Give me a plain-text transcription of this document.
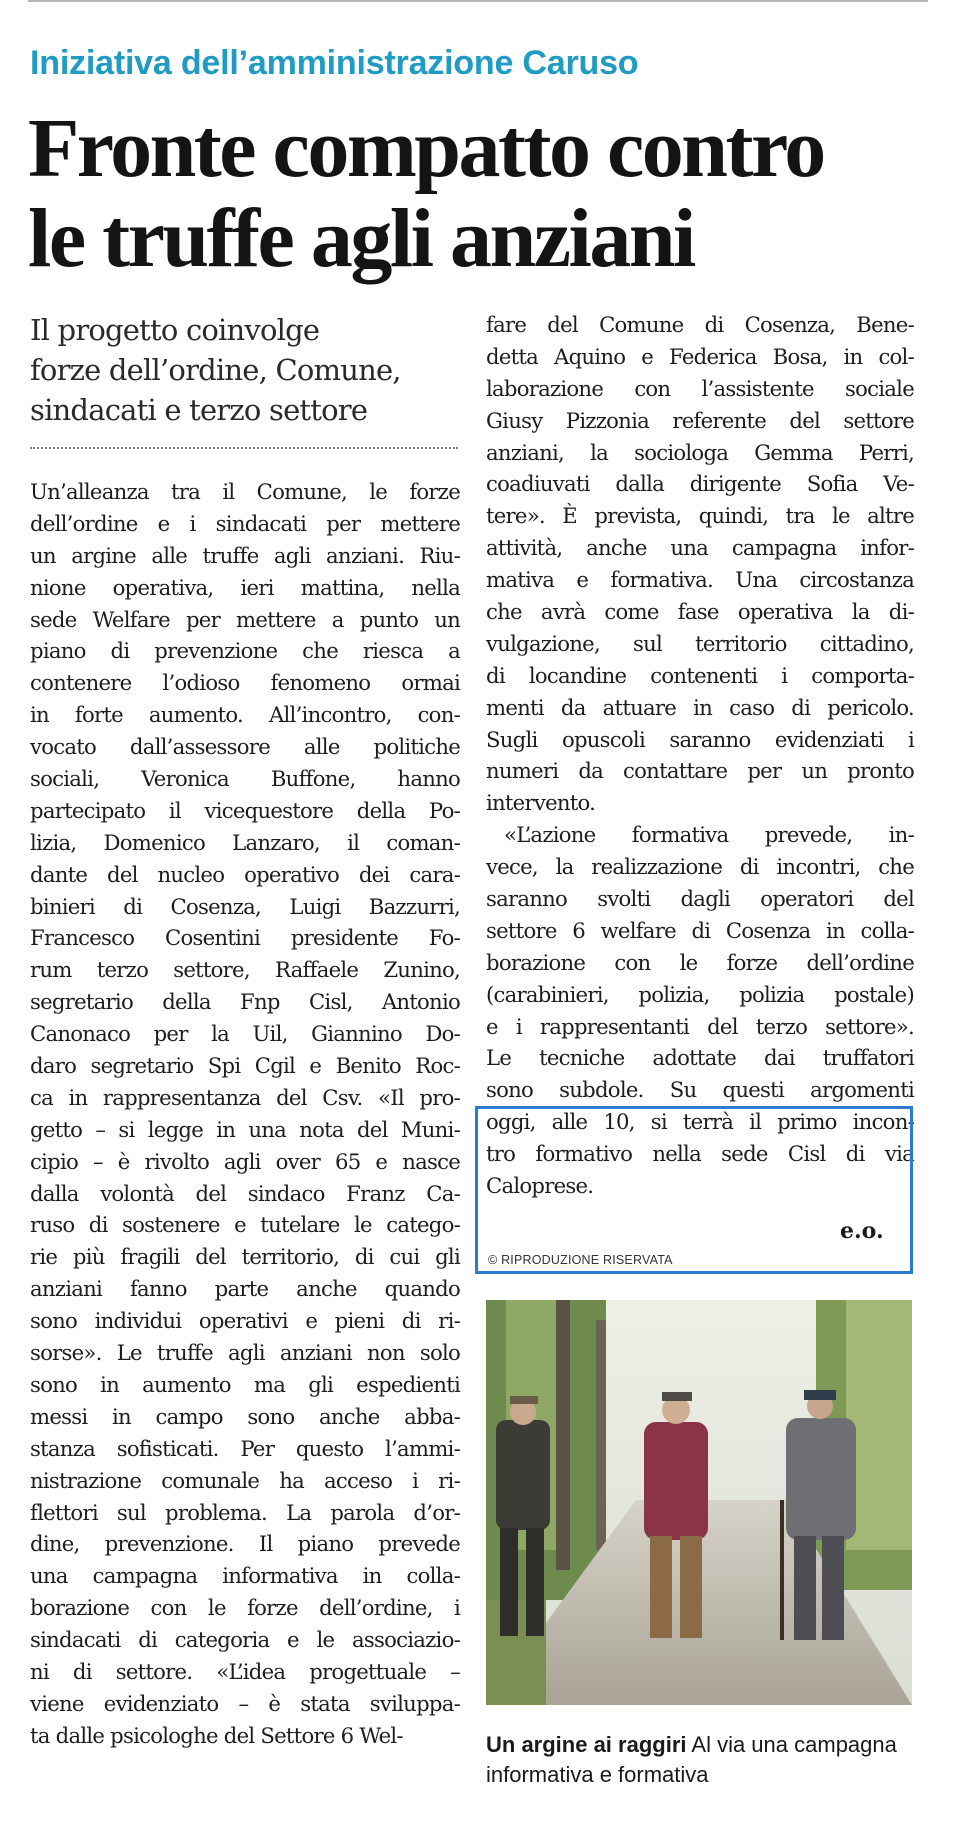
Iniziativa dell’amministrazione Caruso
Fronte compatto contro
le truffe agli anziani
Il progetto coinvolge
forze dell’ordine, Comune,
sindacati e terzo settore
Un’alleanza tra il Comune, le forze
dell’ordine e i sindacati per mettere
un argine alle truffe agli anziani. Riu-
nione operativa, ieri mattina, nella
sede Welfare per mettere a punto un
piano di prevenzione che riesca a
contenere l’odioso fenomeno ormai
in forte aumento. All’incontro, con-
vocato dall’assessore alle politiche
sociali, Veronica Buffone, hanno
partecipato il vicequestore della Po-
lizia, Domenico Lanzaro, il coman-
dante del nucleo operativo dei cara-
binieri di Cosenza, Luigi Bazzurri,
Francesco Cosentini presidente Fo-
rum terzo settore, Raffaele Zunino,
segretario della Fnp Cisl, Antonio
Canonaco per la Uil, Giannino Do-
daro segretario Spi Cgil e Benito Roc-
ca in rappresentanza del Csv. «Il pro-
getto – si legge in una nota del Muni-
cipio – è rivolto agli over 65 e nasce
dalla volontà del sindaco Franz Ca-
ruso di sostenere e tutelare le catego-
rie più fragili del territorio, di cui gli
anziani fanno parte anche quando
sono individui operativi e pieni di ri-
sorse». Le truffe agli anziani non solo
sono in aumento ma gli espedienti
messi in campo sono anche abba-
stanza sofisticati. Per questo l’ammi-
nistrazione comunale ha acceso i ri-
flettori sul problema. La parola d’or-
dine, prevenzione. Il piano prevede
una campagna informativa in colla-
borazione con le forze dell’ordine, i
sindacati di categoria e le associazio-
ni di settore. «L’idea progettuale –
viene evidenziato – è stata sviluppa-
ta dalle psicologhe del Settore 6 Wel-
fare del Comune di Cosenza, Bene-
detta Aquino e Federica Bosa, in col-
laborazione con l’assistente sociale
Giusy Pizzonia referente del settore
anziani, la sociologa Gemma Perri,
coadiuvati dalla dirigente Sofia Ve-
tere». È prevista, quindi, tra le altre
attività, anche una campagna infor-
mativa e formativa. Una circostanza
che avrà come fase operativa la di-
vulgazione, sul territorio cittadino,
di locandine contenenti i comporta-
menti da attuare in caso di pericolo.
Sugli opuscoli saranno evidenziati i
numeri da contattare per un pronto
intervento.
«L’azione formativa prevede, in-
vece, la realizzazione di incontri, che
saranno svolti dagli operatori del
settore 6 welfare di Cosenza in colla-
borazione con le forze dell’ordine
(carabinieri, polizia, polizia postale)
e i rappresentanti del terzo settore».
Le tecniche adottate dai truffatori
sono subdole. Su questi argomenti
oggi, alle 10, si terrà il primo incon-
tro formativo nella sede Cisl di via
Caloprese.
e.o.
© RIPRODUZIONE RISERVATA
Un argine ai raggiri Al via una campagna informativa e formativa
